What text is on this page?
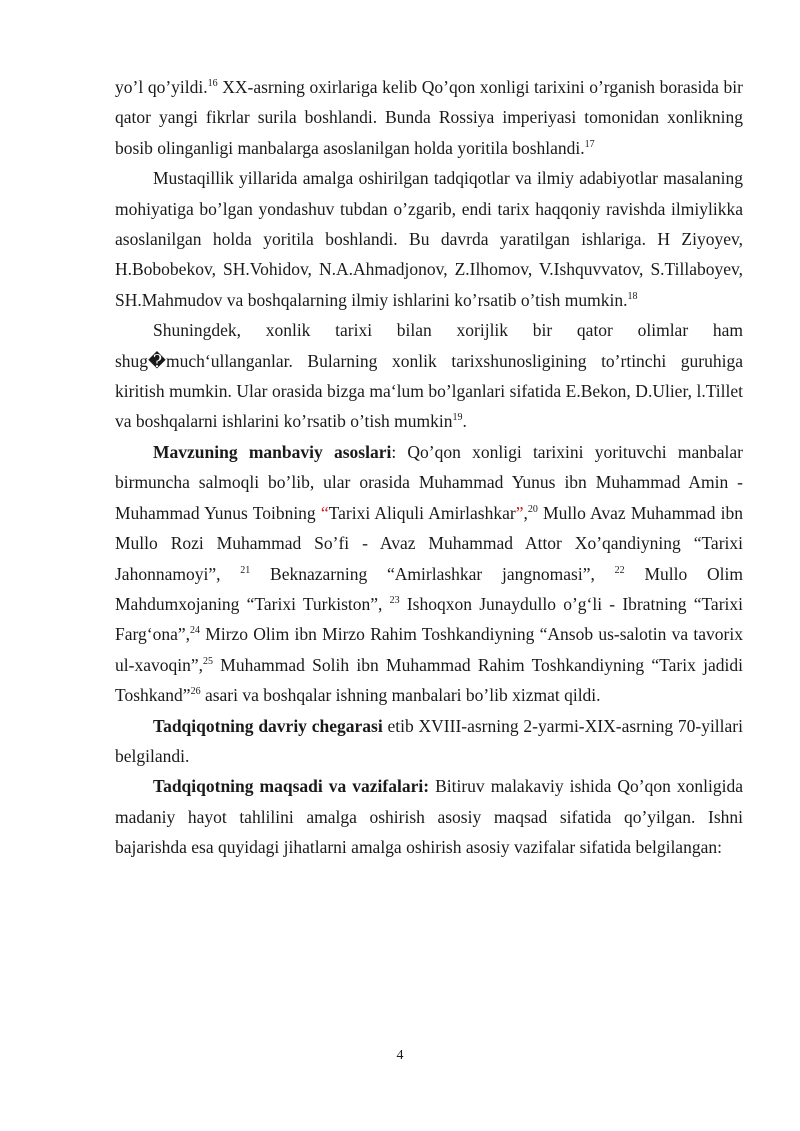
yo’l qo’yildi.$^{16}$ XX-asrning oxirlariga kelib Qo’qon xonligi tarixini o’rganish borasida bir qator yangi fikrlar surila boshlandi. Bunda Rossiya imperiyasi tomonidan xonlikning bosib olinganligi manbalarga asoslanilgan holda yoritila boshlandi.$^{17}$

Mustaqillik yillarida amalga oshirilgan tadqiqotlar va ilmiy adabiyotlar masalaning mohiyatiga bo’lgan yondashuv tubdan o’zgarib, endi tarix haqqoniy ravishda ilmiylikka asoslanilgan holda yoritila boshlandi. Bu davrda yaratilgan ishlariga. H Ziyoyev, H.Bobobekov, SH.Vohidov, N.A.Ahmadjonov, Z.Ilhomov, V.Ishquvvatov, S.Tillaboyev, SH.Mahmudov va boshqalarning ilmiy ishlarini ko’rsatib o’tish mumkin.$^{18}$

Shuningdek, xonlik tarixi bilan xorijlik bir qator olimlar ham shug�much‘ullanganlar. Bularning xonlik tarixshunosligining to’rtinchi guruhiga kiritish mumkin. Ular orasida bizga ma‘lum bo’lganlari sifatida E.Bekon, D.Ulier, l.Tillet va boshqalarni ishlarini ko’rsatib o’tish mumkin$^{19}$.

Mavzuning manbaviy asoslari: Qo’qon xonligi tarixini yorituvchi manbalar birmuncha salmoqli bo’lib, ular orasida Muhammad Yunus ibn Muhammad Amin - Muhammad Yunus Toibning “Tarixi Aliquli Amirlashkar”,$^{20}$ Mullo Avaz Muhammad ibn Mullo Rozi Muhammad So’fi - Avaz Muhammad Attor Xo’qandiyning “Tarixi Jahonnamoyi”, $^{21}$ Beknazarning “Amirlashkar jangnomasi”, $^{22}$ Mullo Olim Mahdumxojaning “Tarixi Turkiston”, $^{23}$ Ishoqxon Junaydullo o’g‘li - Ibratning “Tarixi Farg‘ona”,$^{24}$ Mirzo Olim ibn Mirzo Rahim Toshkandiyning “Ansob us-salotin va tavorix ul-xavoqin”,$^{25}$ Muhammad Solih ibn Muhammad Rahim Toshkandiyning “Tarix jadidi Toshkand”$^{26}$ asari va boshqalar ishning manbalari bo’lib xizmat qildi.

Tadqiqotning davriy chegarasi etib XVIII-asrning 2-yarmi-XIX-asrning 70-yillari belgilandi.

Tadqiqotning maqsadi va vazifalari: Bitiruv malakaviy ishida Qo’qon xonligida madaniy hayot tahlilini amalga oshirish asosiy maqsad sifatida qo’yilgan. Ishni bajarishda esa quyidagi jihatlarni amalga oshirish asosiy vazifalar sifatida belgilangan:

4
